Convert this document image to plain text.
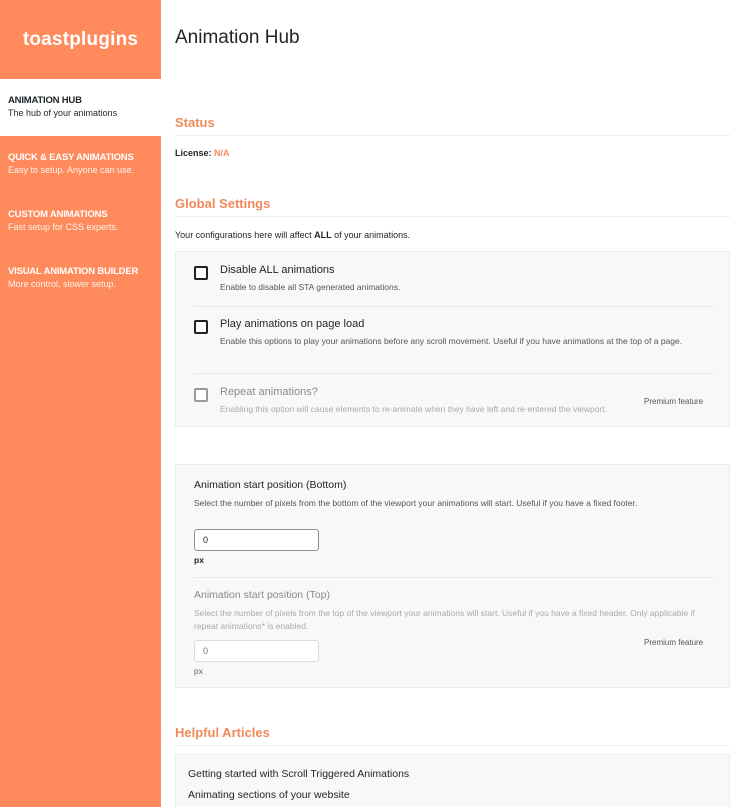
toastplugins
ANIMATION HUB
The hub of your animations
QUICK & EASY ANIMATIONS
Easy to setup. Anyone can use.
CUSTOM ANIMATIONS
Fast setup for CSS experts.
VISUAL ANIMATION BUILDER
More control, slower setup.
Animation Hub
Status
License: N/A
Global Settings
Your configurations here will affect ALL of your animations.
Disable ALL animations
Enable to disable all STA generated animations.
Play animations on page load
Enable this options to play your animations before any scroll movement. Useful if you have animations at the top of a page.
Repeat animations?
Enabling this option will cause elements to re-animate when they have left and re-entered the viewport.
Premium feature
Animation start position (Bottom)
Select the number of pixels from the bottom of the viewport your animations will start. Useful if you have a fixed footer.
0
px
Animation start position (Top)
Select the number of pixels from the top of the viewport your animations will start. Useful if you have a fixed header. Only applicable if repeat animations* is enabled.
0
px
Premium feature
Helpful Articles
Getting started with Scroll Triggered Animations
Animating sections of your website
